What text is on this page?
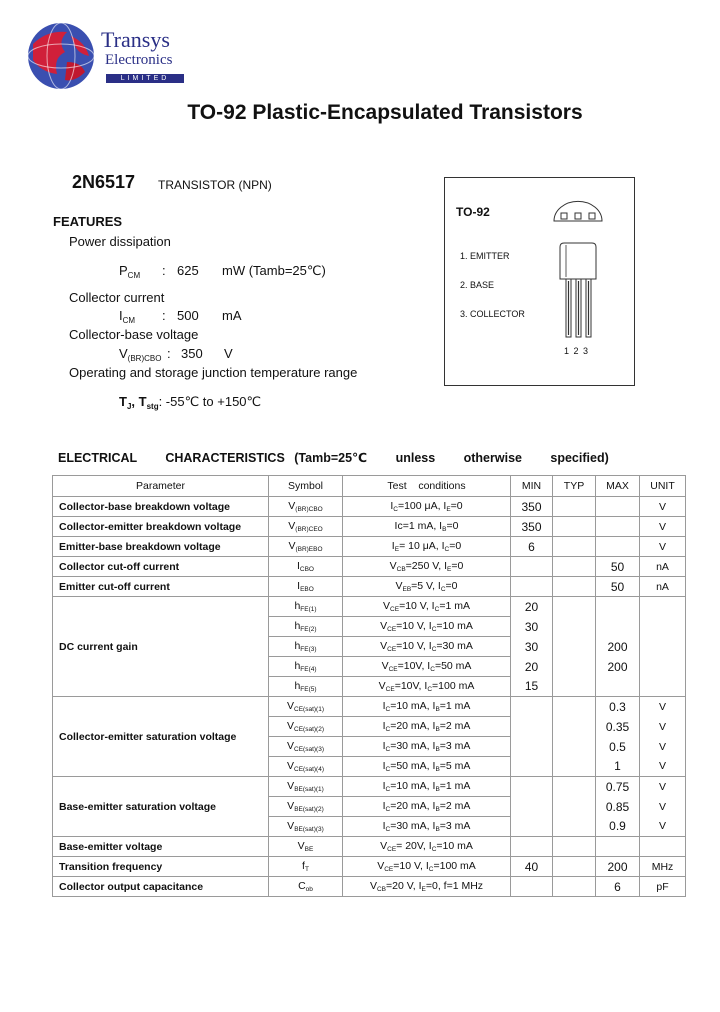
Transys
Electronics
LIMITED
TO-92 Plastic-Encapsulated Transistors
2N6517 TRANSISTOR (NPN)
FEATURES
Power dissipation
$P_{CM}$ : 625 mW (Tamb=25℃)
Collector current
$I_{CM}$ : 500 mA
Collector-base voltage
$V_{(BR)CBO}$ : 350 V
Operating and storage junction temperature range
$T_J$, $T_{stg}$: -55℃ to +150℃
TO-92
1. EMITTER
2. BASE
3. COLLECTOR
1 2 3
ELECTRICAL   CHARACTERISTICS (Tamb=25℃   unless   otherwise   specified)
Parameter	Symbol	Test    conditions	MIN	TYP	MAX	UNIT
Collector-base breakdown voltage	$V_{(BR)CBO}$	$I_C=100$ μA, $I_E=0$	350			V
Collector-emitter breakdown voltage	$V_{(BR)CEO}$	Ic=1 mA, $I_B=0$	350			V
Emitter-base breakdown voltage	$V_{(BR)EBO}$	$I_E= 10$ μA, $I_C=0$	6			V
Collector cut-off current	$I_{CBO}$	$V_{CB}=250$ V, $I_E=0$			50	nA
Emitter cut-off current	$I_{EBO}$	$V_{EB}=5$ V, $I_C=0$			50	nA
DC current gain	$h_{FE(1)}$	$V_{CE}=10$ V, $I_C=1$ mA	20			
	$h_{FE(2)}$	$V_{CE}=10$ V, $I_C=10$ mA	30			
	$h_{FE(3)}$	$V_{CE}=10$ V, $I_C=30$ mA	30		200	
	$h_{FE(4)}$	$V_{CE}=10V$, $I_C=50$ mA	20		200	
	$h_{FE(5)}$	$V_{CE}=10V$, $I_C=100$ mA	15			
Collector-emitter saturation voltage	$V_{CE(sat)(1)}$	$I_C=10$ mA, $I_B=1$ mA			0.3	V
	$V_{CE(sat)(2)}$	$I_C=20$ mA, $I_B=2$ mA			0.35	V
	$V_{CE(sat)(3)}$	$I_C=30$ mA, $I_B=3$ mA			0.5	V
	$V_{CE(sat)(4)}$	$I_C=50$ mA, $I_B=5$ mA			1	V
Base-emitter saturation voltage	$V_{BE(sat)(1)}$	$I_C=10$ mA, $I_B=1$ mA			0.75	V
	$V_{BE(sat)(2)}$	$I_C=20$ mA, $I_B=2$ mA			0.85	V
	$V_{BE(sat)(3)}$	$I_C=30$ mA, $I_B=3$ mA			0.9	V
Base-emitter voltage	$V_{BE}$	$V_{CE}= 20V$, $I_C=10$ mA				
Transition frequency	$f_T$	$V_{CE}=10$ V, $I_C=100$ mA	40		200	MHz
Collector output capacitance	$C_{ob}$	$V_{CB}=20$ V, $I_E=0$, f=1 MHz			6	pF
